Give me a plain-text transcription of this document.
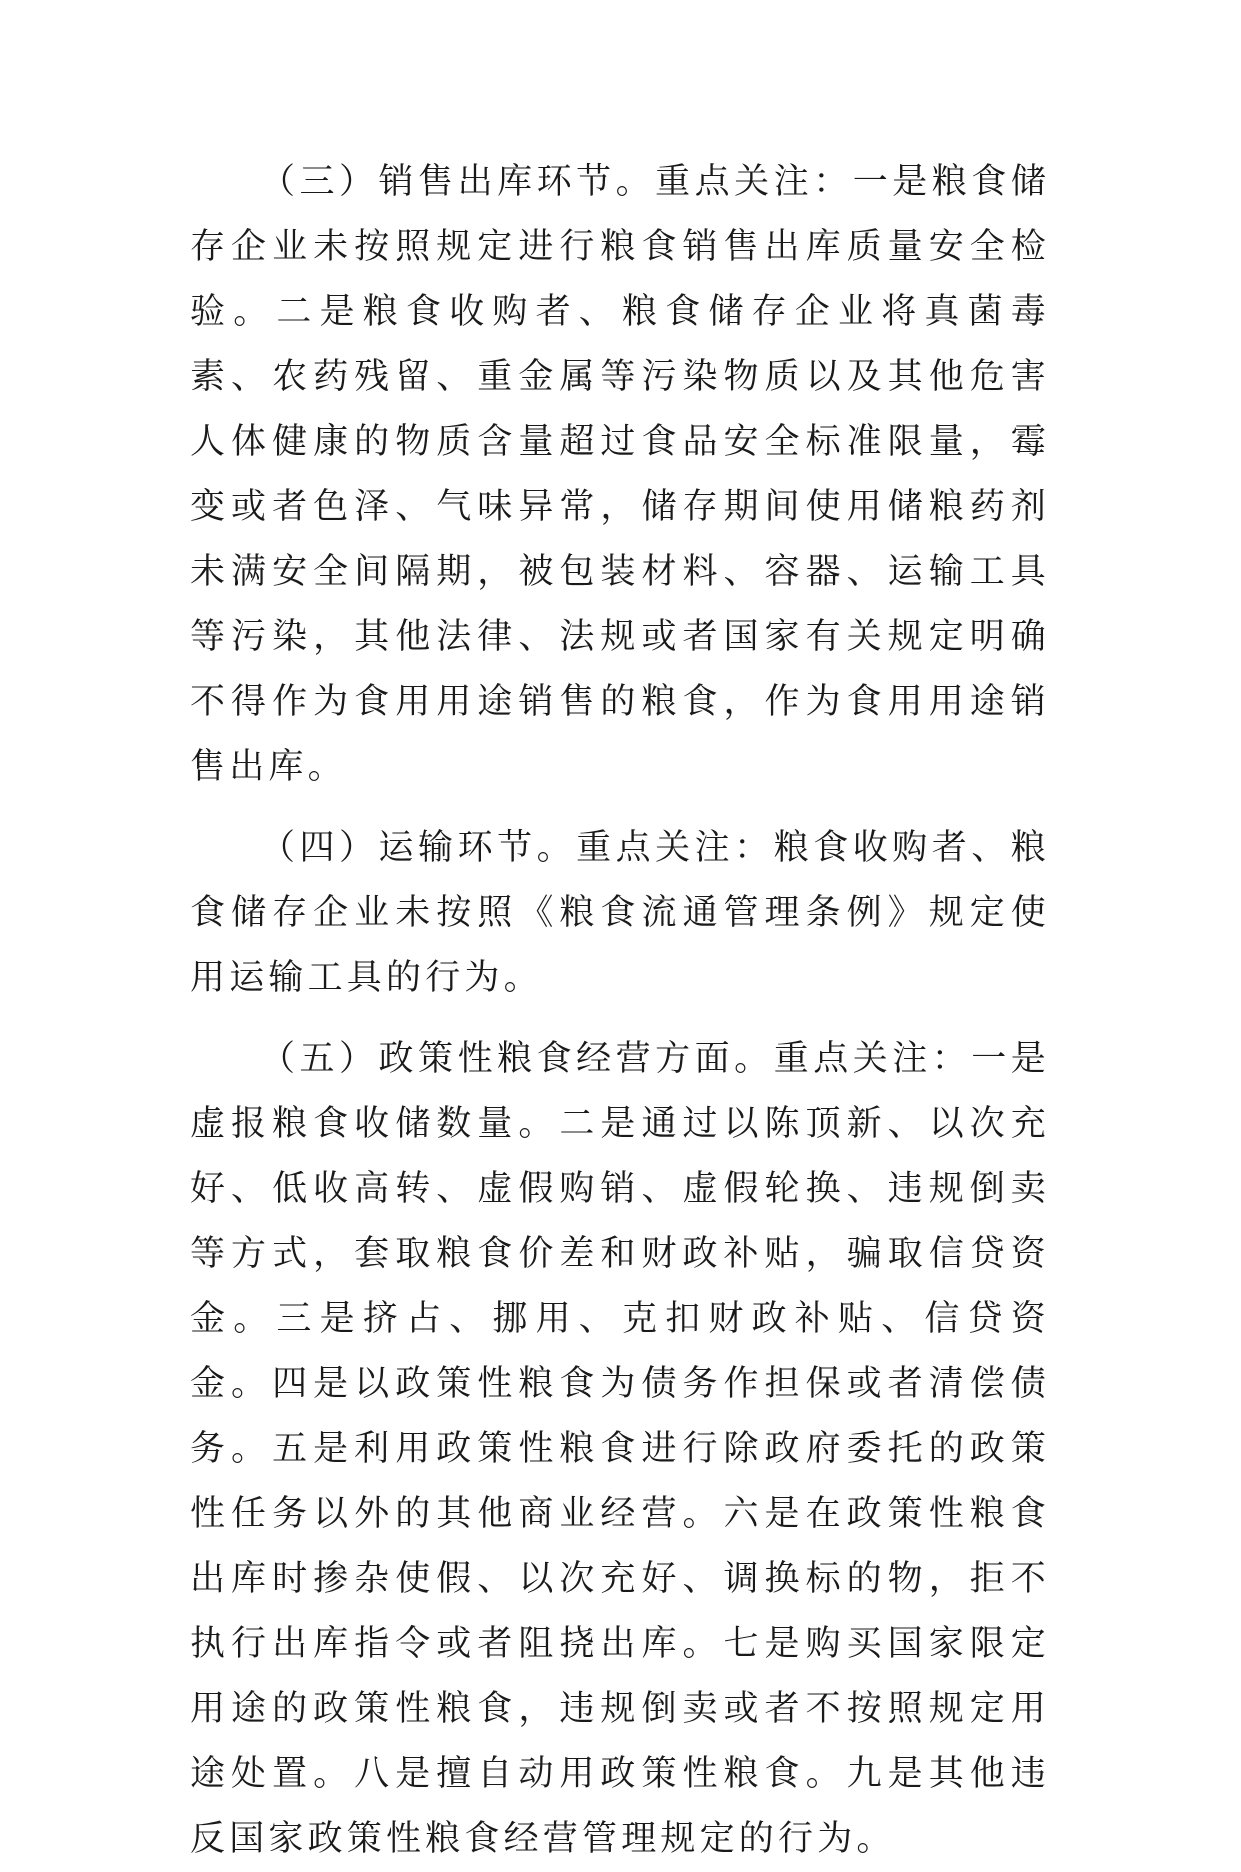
（三）销售出库环节。重点关注：一是粮食储存企业未按照规定进行粮食销售出库质量安全检验。二是粮食收购者、粮食储存企业将真菌毒素、农药残留、重金属等污染物质以及其他危害人体健康的物质含量超过食品安全标准限量，霉变或者色泽、气味异常，储存期间使用储粮药剂未满安全间隔期，被包装材料、容器、运输工具等污染，其他法律、法规或者国家有关规定明确不得作为食用用途销售的粮食，作为食用用途销售出库。

（四）运输环节。重点关注：粮食收购者、粮食储存企业未按照《粮食流通管理条例》规定使用运输工具的行为。

（五）政策性粮食经营方面。重点关注：一是虚报粮食收储数量。二是通过以陈顶新、以次充好、低收高转、虚假购销、虚假轮换、违规倒卖等方式，套取粮食价差和财政补贴，骗取信贷资金。三是挤占、挪用、克扣财政补贴、信贷资金。四是以政策性粮食为债务作担保或者清偿债务。五是利用政策性粮食进行除政府委托的政策性任务以外的其他商业经营。六是在政策性粮食出库时掺杂使假、以次充好、调换标的物，拒不执行出库指令或者阻挠出库。七是购买国家限定用途的政策性粮食，违规倒卖或者不按照规定用途处置。八是擅自动用政策性粮食。九是其他违反国家政策性粮食经营管理规定的行为。
